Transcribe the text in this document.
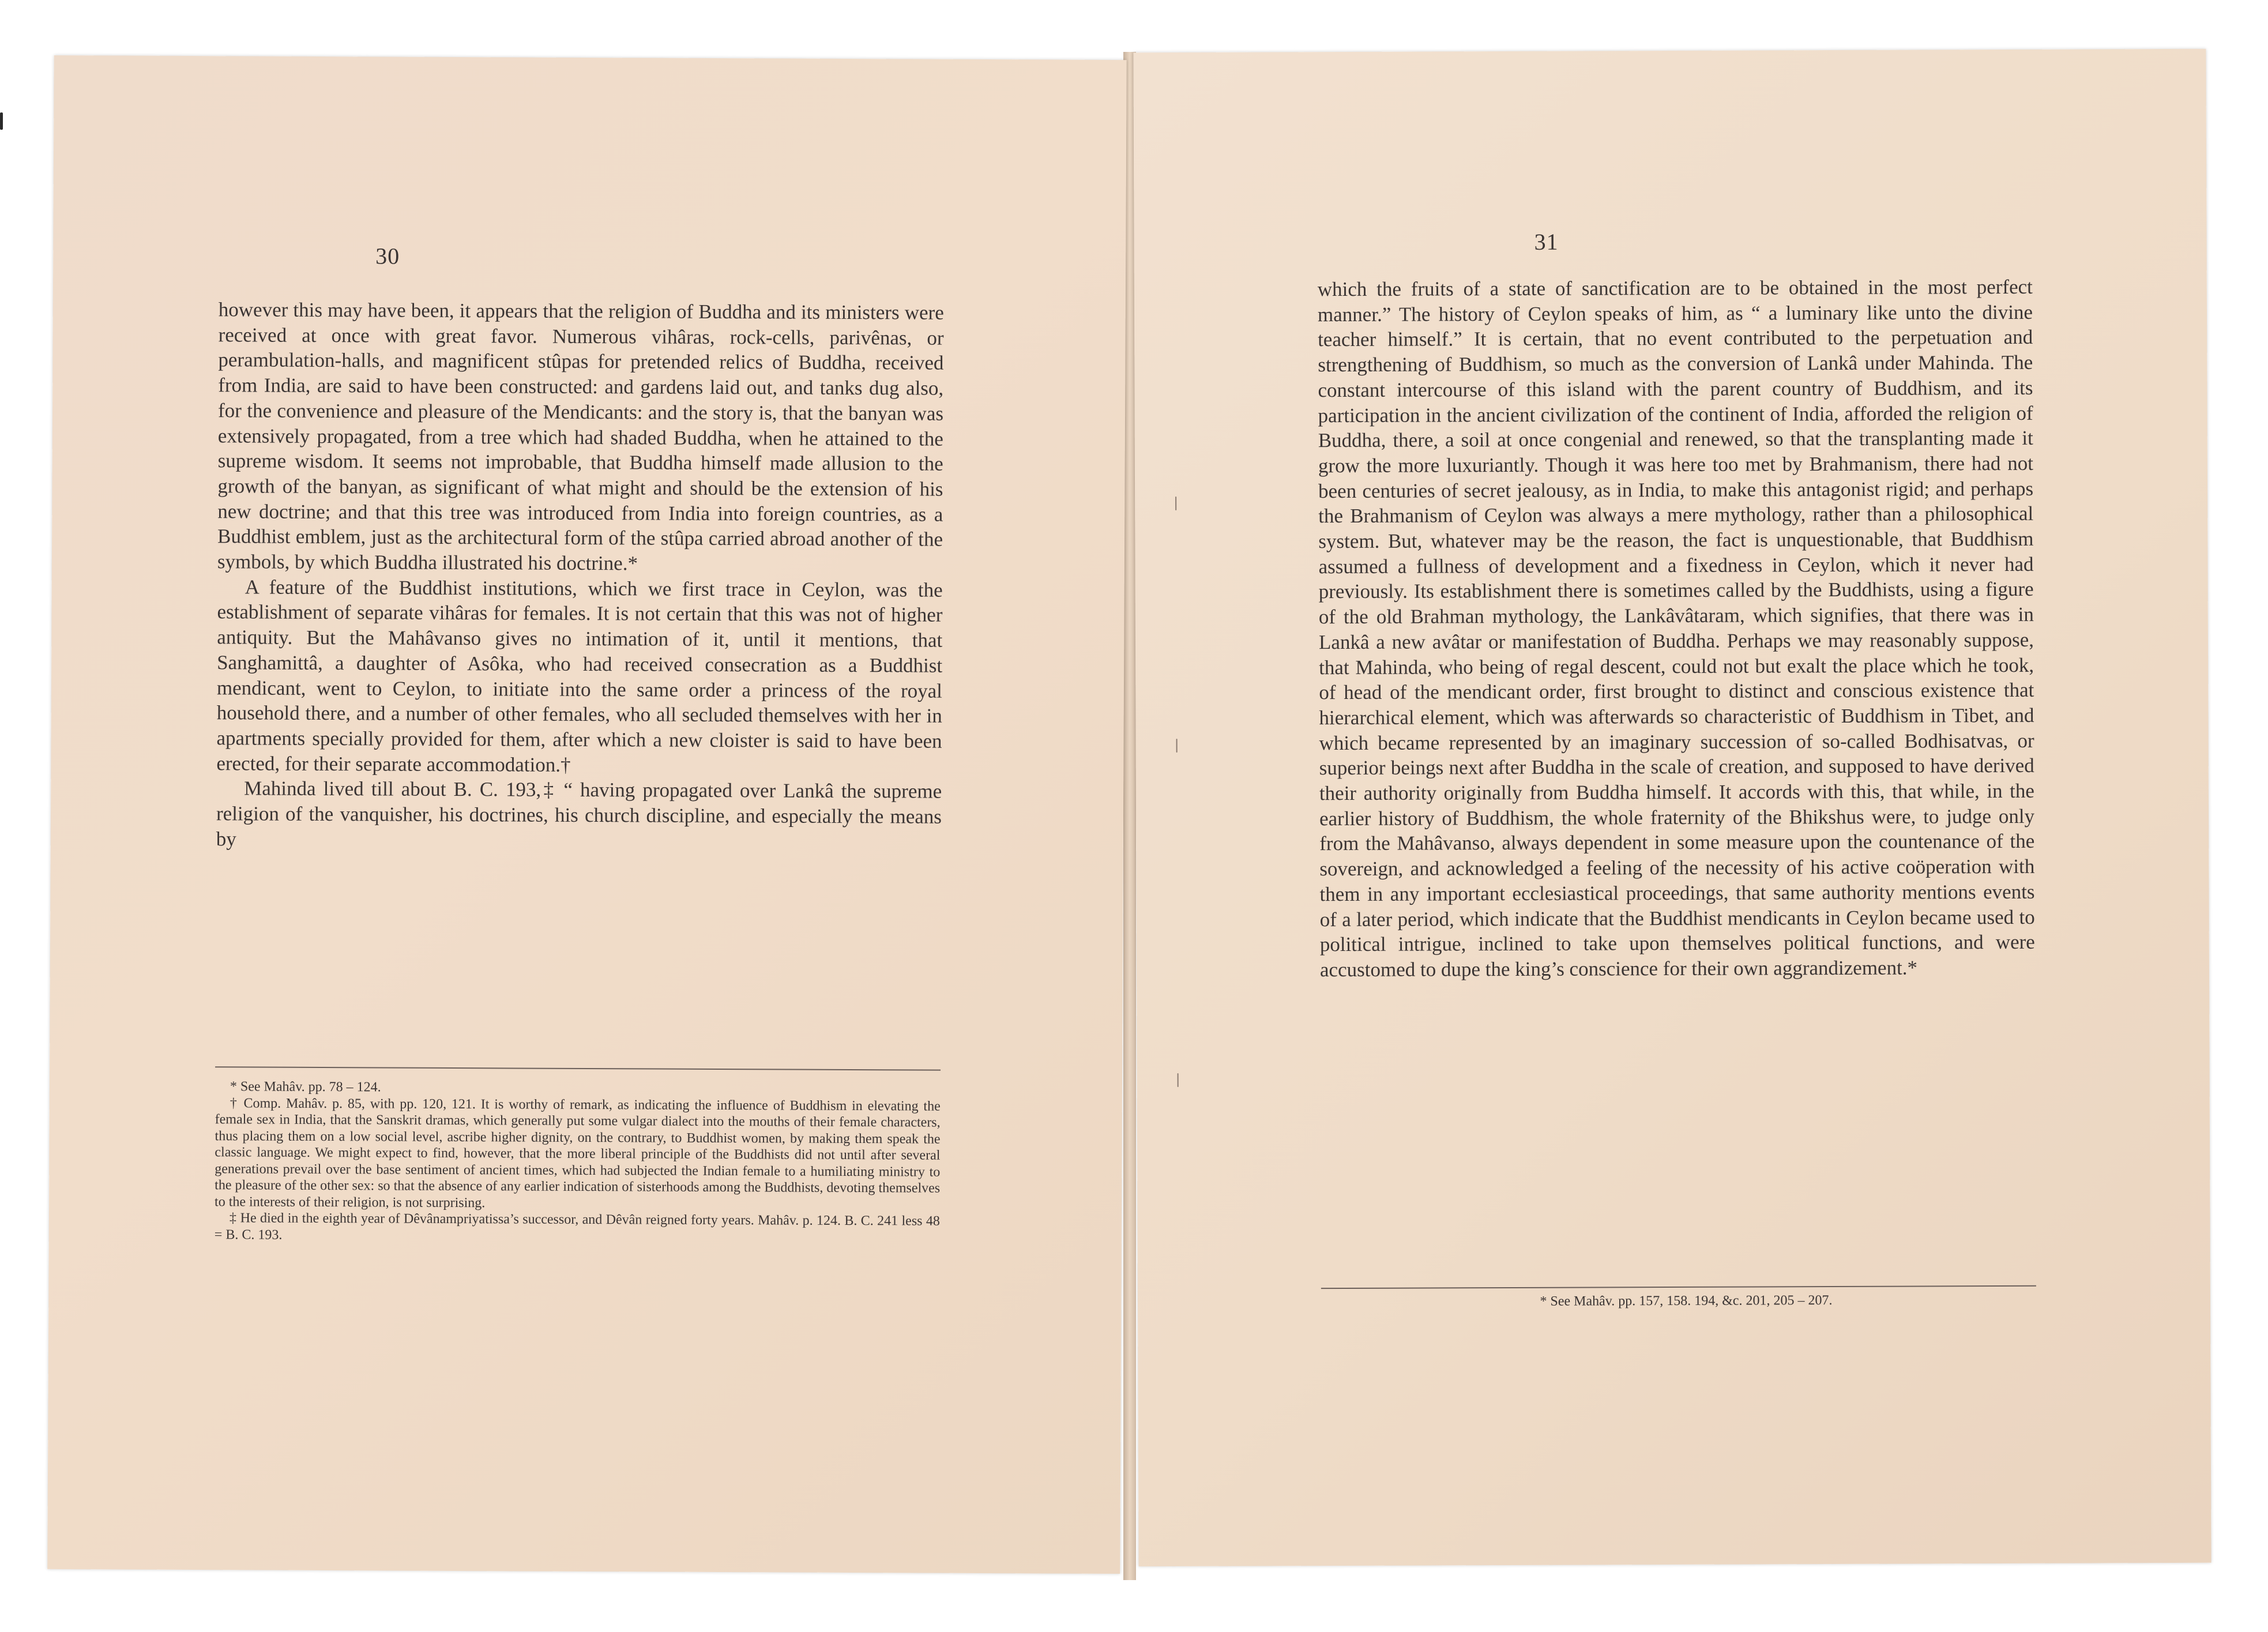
30

however this may have been, it appears that the religion of Buddha and its ministers were received at once with great favor. Numerous vihâras, rock-cells, parivênas, or perambulation-halls, and magnificent stûpas for pretended relics of Buddha, received from India, are said to have been constructed: and gardens laid out, and tanks dug also, for the convenience and pleasure of the Mendicants: and the story is, that the banyan was extensively propagated, from a tree which had shaded Buddha, when he attained to the supreme wisdom. It seems not improbable, that Buddha himself made allusion to the growth of the banyan, as significant of what might and should be the extension of his new doctrine; and that this tree was introduced from India into foreign countries, as a Buddhist emblem, just as the architectural form of the stûpa carried abroad another of the symbols, by which Buddha illustrated his doctrine.*

A feature of the Buddhist institutions, which we first trace in Ceylon, was the establishment of separate vihâras for females. It is not certain that this was not of higher antiquity. But the Mahâvanso gives no intimation of it, until it mentions, that Sanghamittâ, a daughter of Asôka, who had received consecration as a Buddhist mendicant, went to Ceylon, to initiate into the same order a princess of the royal household there, and a number of other females, who all secluded themselves with her in apartments specially provided for them, after which a new cloister is said to have been erected, for their separate accommodation.†

Mahinda lived till about B. C. 193,‡ “ having propagated over Lankâ the supreme religion of the vanquisher, his doctrines, his church discipline, and especially the means by

* See Mahâv. pp. 78 – 124.

† Comp. Mahâv. p. 85, with pp. 120, 121. It is worthy of remark, as indicating the influence of Buddhism in elevating the female sex in India, that the Sanskrit dramas, which generally put some vulgar dialect into the mouths of their female characters, thus placing them on a low social level, ascribe higher dignity, on the contrary, to Buddhist women, by making them speak the classic language. We might expect to find, however, that the more liberal principle of the Buddhists did not until after several generations prevail over the base sentiment of ancient times, which had subjected the Indian female to a humiliating ministry to the pleasure of the other sex: so that the absence of any earlier indication of sisterhoods among the Buddhists, devoting themselves to the interests of their religion, is not surprising.

‡ He died in the eighth year of Dêvânampriyatissa’s successor, and Dêvân reigned forty years. Mahâv. p. 124. B. C. 241 less 48 = B. C. 193.

31

which the fruits of a state of sanctification are to be obtained in the most perfect manner.” The history of Ceylon speaks of him, as “ a luminary like unto the divine teacher himself.” It is certain, that no event contributed to the perpetuation and strengthening of Buddhism, so much as the conversion of Lankâ under Mahinda. The constant intercourse of this island with the parent country of Buddhism, and its participation in the ancient civilization of the continent of India, afforded the religion of Buddha, there, a soil at once congenial and renewed, so that the transplanting made it grow the more luxuriantly. Though it was here too met by Brahmanism, there had not been centuries of secret jealousy, as in India, to make this antagonist rigid; and perhaps the Brahmanism of Ceylon was always a mere mythology, rather than a philosophical system. But, whatever may be the reason, the fact is unquestionable, that Buddhism assumed a fullness of development and a fixedness in Ceylon, which it never had previously. Its establishment there is sometimes called by the Buddhists, using a figure of the old Brahman mythology, the Lankâvâtaram, which signifies, that there was in Lankâ a new avâtar or manifestation of Buddha. Perhaps we may reasonably suppose, that Mahinda, who being of regal descent, could not but exalt the place which he took, of head of the mendicant order, first brought to distinct and conscious existence that hierarchical element, which was afterwards so characteristic of Buddhism in Tibet, and which became represented by an imaginary succession of so-called Bodhisatvas, or superior beings next after Buddha in the scale of creation, and supposed to have derived their authority originally from Buddha himself. It accords with this, that while, in the earlier history of Buddhism, the whole fraternity of the Bhikshus were, to judge only from the Mahâvanso, always dependent in some measure upon the countenance of the sovereign, and acknowledged a feeling of the necessity of his active coöperation with them in any important ecclesiastical proceedings, that same authority mentions events of a later period, which indicate that the Buddhist mendicants in Ceylon became used to political intrigue, inclined to take upon themselves political functions, and were accustomed to dupe the king’s conscience for their own aggrandizement.*

* See Mahâv. pp. 157, 158. 194, &c. 201, 205 – 207.
